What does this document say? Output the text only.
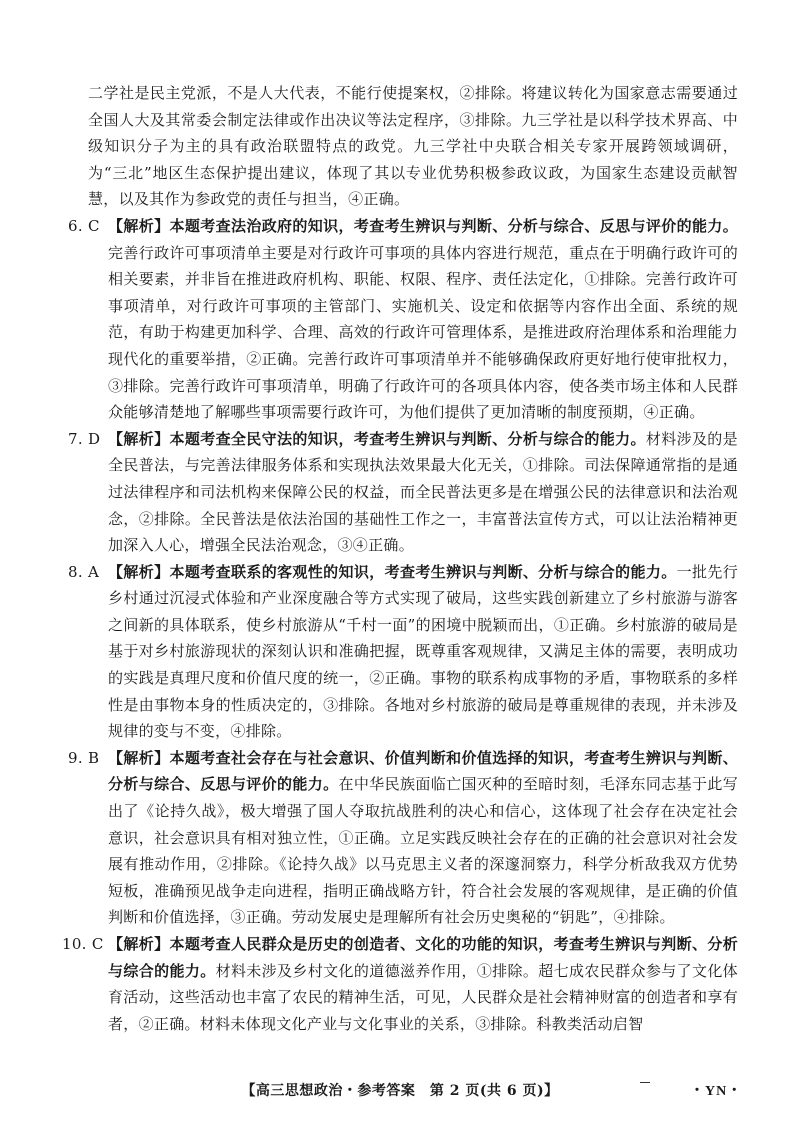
二学社是民主党派，不是人大代表，不能行使提案权，②排除。将建议转化为国家意志需要通过全国人大及其常委会制定法律或作出决议等法定程序，③排除。九三学社是以科学技术界高、中级知识分子为主的具有政治联盟特点的政党。九三学社中央联合相关专家开展跨领域调研，为“三北”地区生态保护提出建议，体现了其以专业优势积极参政议政，为国家生态建设贡献智慧，以及其作为参政党的责任与担当，④正确。

6. C 【解析】本题考查法治政府的知识，考查考生辨识与判断、分析与综合、反思与评价的能力。完善行政许可事项清单主要是对行政许可事项的具体内容进行规范，重点在于明确行政许可的相关要素，并非旨在推进政府机构、职能、权限、程序、责任法定化，①排除。完善行政许可事项清单，对行政许可事项的主管部门、实施机关、设定和依据等内容作出全面、系统的规范，有助于构建更加科学、合理、高效的行政许可管理体系，是推进政府治理体系和治理能力现代化的重要举措，②正确。完善行政许可事项清单并不能够确保政府更好地行使审批权力，③排除。完善行政许可事项清单，明确了行政许可的各项具体内容，使各类市场主体和人民群众能够清楚地了解哪些事项需要行政许可，为他们提供了更加清晰的制度预期，④正确。
7. D 【解析】本题考查全民守法的知识，考查考生辨识与判断、分析与综合的能力。材料涉及的是全民普法，与完善法律服务体系和实现执法效果最大化无关，①排除。司法保障通常指的是通过法律程序和司法机构来保障公民的权益，而全民普法更多是在增强公民的法律意识和法治观念，②排除。全民普法是依法治国的基础性工作之一，丰富普法宣传方式，可以让法治精神更加深入人心，增强全民法治观念，③④正确。
8. A 【解析】本题考查联系的客观性的知识，考查考生辨识与判断、分析与综合的能力。一批先行乡村通过沉浸式体验和产业深度融合等方式实现了破局，这些实践创新建立了乡村旅游与游客之间新的具体联系，使乡村旅游从“千村一面”的困境中脱颖而出，①正确。乡村旅游的破局是基于对乡村旅游现状的深刻认识和准确把握，既尊重客观规律，又满足主体的需要，表明成功的实践是真理尺度和价值尺度的统一，②正确。事物的联系构成事物的矛盾，事物联系的多样性是由事物本身的性质决定的，③排除。各地对乡村旅游的破局是尊重规律的表现，并未涉及规律的变与不变，④排除。
9. B 【解析】本题考查社会存在与社会意识、价值判断和价值选择的知识，考查考生辨识与判断、分析与综合、反思与评价的能力。在中华民族面临亡国灭种的至暗时刻，毛泽东同志基于此写出了《论持久战》，极大增强了国人夺取抗战胜利的决心和信心，这体现了社会存在决定社会意识，社会意识具有相对独立性，①正确。立足实践反映社会存在的正确的社会意识对社会发展有推动作用，②排除。《论持久战》以马克思主义者的深邃洞察力，科学分析敌我双方优势短板，准确预见战争走向进程，指明正确战略方针，符合社会发展的客观规律，是正确的价值判断和价值选择，③正确。劳动发展史是理解所有社会历史奥秘的“钥匙”，④排除。
10. C 【解析】本题考查人民群众是历史的创造者、文化的功能的知识，考查考生辨识与判断、分析与综合的能力。材料未涉及乡村文化的道德滋养作用，①排除。超七成农民群众参与了文化体育活动，这些活动也丰富了农民的精神生活，可见，人民群众是社会精神财富的创造者和享有者，②正确。材料未体现文化产业与文化事业的关系，③排除。科教类活动启智
【高三思想政治・参考答案　第 2 页(共 6 页)】	・YN・
